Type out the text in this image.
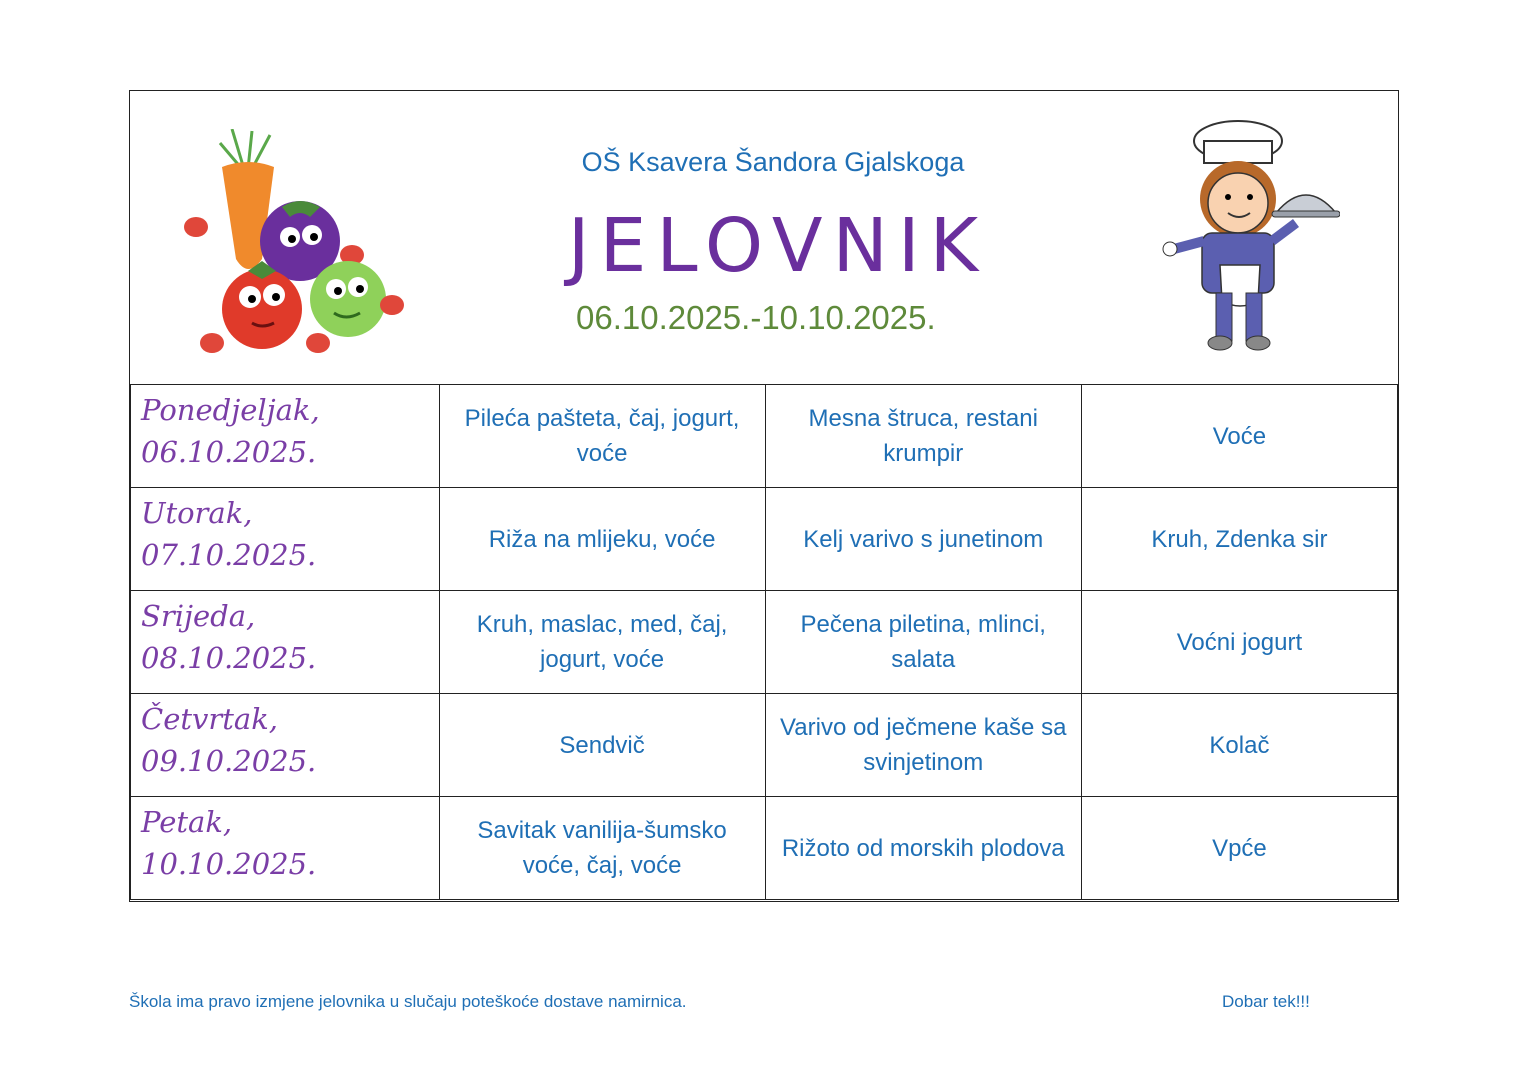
OŠ Ksavera Šandora Gjalskoga
JELOVNIK
06.10.2025.-10.10.2025.
Ponedjeljak,
06.10.2025.	Pileća pašteta, čaj, jogurt, voće	Mesna štruca, restani krumpir	Voće

Utorak,
07.10.2025.	Riža na mlijeku, voće	Kelj varivo s junetinom	Kruh, Zdenka sir

Srijeda,
08.10.2025.	Kruh, maslac, med, čaj, jogurt, voće	Pečena piletina, mlinci, salata	Voćni jogurt

Četvrtak,
09.10.2025.	Sendvič	Varivo od ječmene kaše sa svinjetinom	Kolač

Petak,
10.10.2025.	Savitak vanilija-šumsko voće, čaj, voće	Rižoto od morskih plodova	Vpće
Škola ima pravo izmjene jelovnika u slučaju poteškoće dostave namirnica.	Dobar tek!!!
